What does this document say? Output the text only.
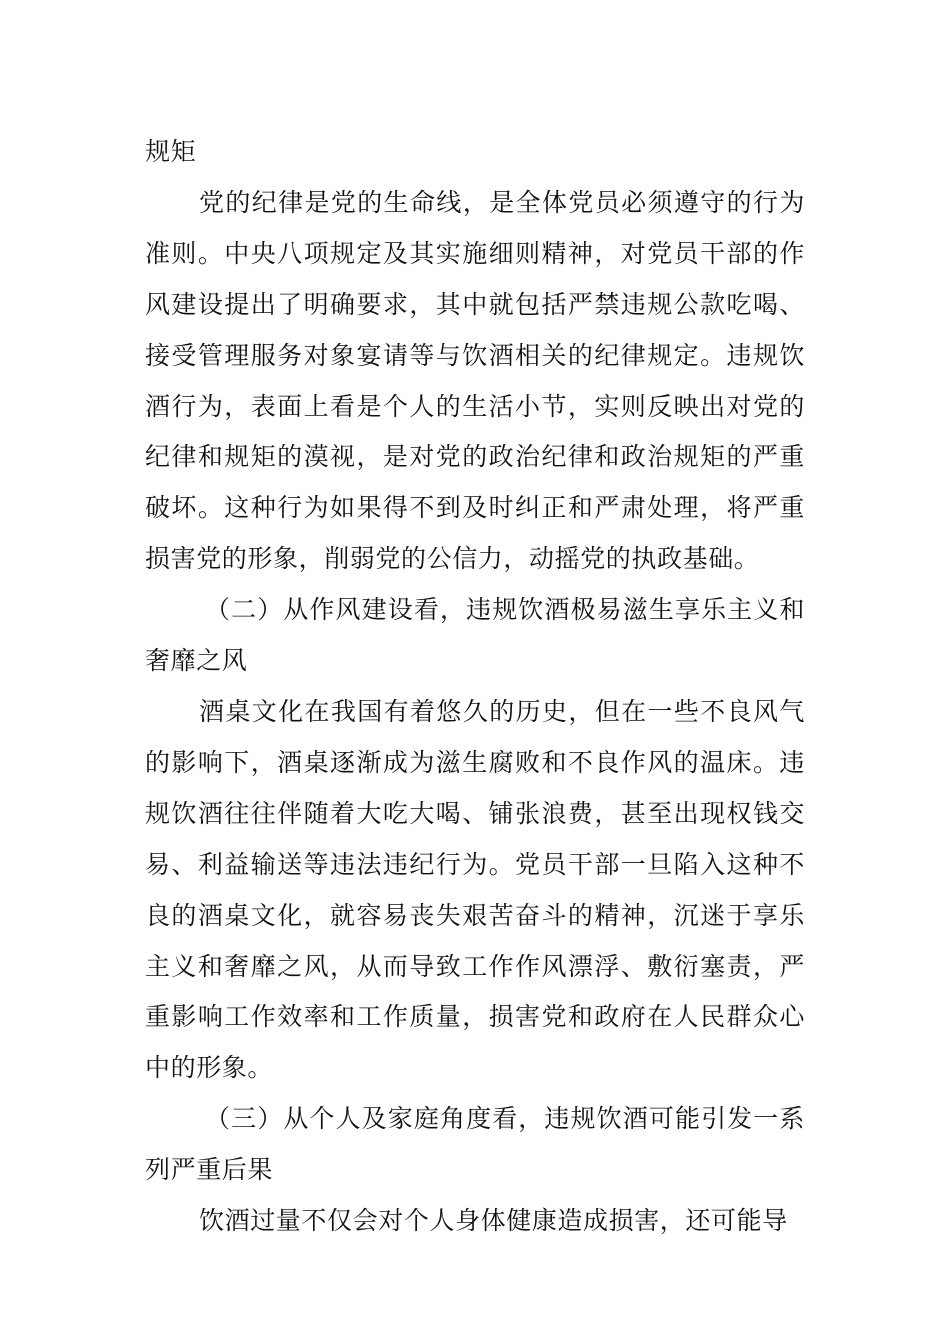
规矩

党的纪律是党的生命线，是全体党员必须遵守的行为准则。中央八项规定及其实施细则精神，对党员干部的作风建设提出了明确要求，其中就包括严禁违规公款吃喝、接受管理服务对象宴请等与饮酒相关的纪律规定。违规饮酒行为，表面上看是个人的生活小节，实则反映出对党的纪律和规矩的漠视，是对党的政治纪律和政治规矩的严重破坏。这种行为如果得不到及时纠正和严肃处理，将严重损害党的形象，削弱党的公信力，动摇党的执政基础。

（二）从作风建设看，违规饮酒极易滋生享乐主义和奢靡之风

酒桌文化在我国有着悠久的历史，但在一些不良风气的影响下，酒桌逐渐成为滋生腐败和不良作风的温床。违规饮酒往往伴随着大吃大喝、铺张浪费，甚至出现权钱交易、利益输送等违法违纪行为。党员干部一旦陷入这种不良的酒桌文化，就容易丧失艰苦奋斗的精神，沉迷于享乐主义和奢靡之风，从而导致工作作风漂浮、敷衍塞责，严重影响工作效率和工作质量，损害党和政府在人民群众心中的形象。

（三）从个人及家庭角度看，违规饮酒可能引发一系列严重后果

饮酒过量不仅会对个人身体健康造成损害，还可能导
